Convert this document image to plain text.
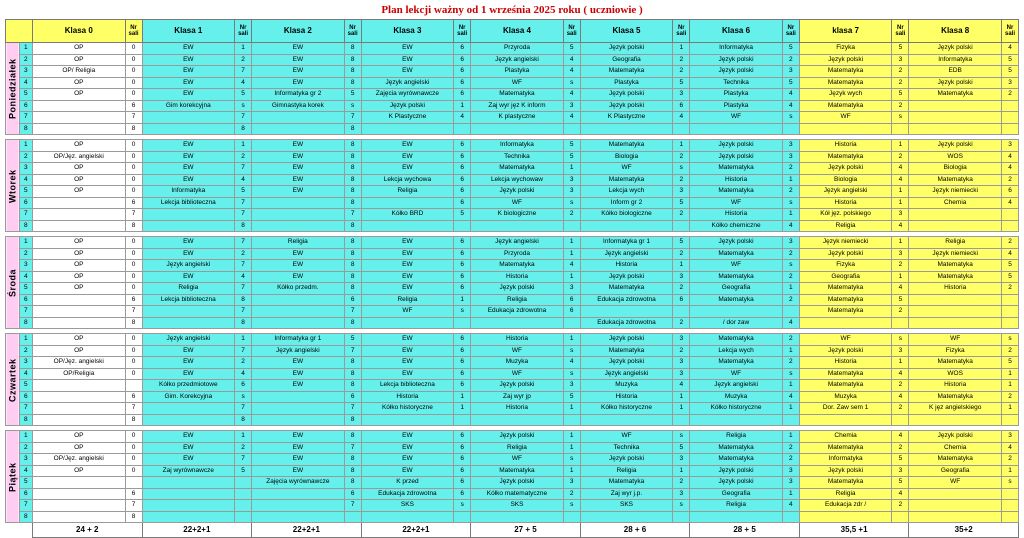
Plan lekcji ważny od 1 września 2025 roku ( uczniowie )
		Klasa 0	Nr
sali	Klasa 1	Nr
sali	Klasa 2	Nr
sali	Klasa 3	Nr
sali	Klasa 4	Nr
sali	Klasa 5	Nr
sali	Klasa 6	Nr
sali	klasa 7	Nr
sali	Klasa 8	Nr
sali
Poniedziałek	1	OP	0	EW	1	EW	8	EW	6	Przyroda	5	Język polski	1	Informatyka	5	Fizyka	5	Język polski	4
	2	OP	0	EW	2	EW	8	EW	6	Język angielski	4	Geografia	2	Język polski	2	Język polski	3	Informatyka	5
	3	OP/ Religia	0	EW	7	EW	8	EW	6	Plastyka	4	Matematyka	2	Język polski	3	Matematyka	2	EDB	5
	4	OP	0	EW	4	EW	8	Język angielski	6	WF	s	Plastyka	5	Technika	5	Matematyka	2	Język polski	3
	5	OP	0	EW	5	Informatyka gr 2	5	Zajęcia wyrównawcze	6	Matematyka	4	Język polski	3	Plastyka	4	Język wych	5	Matematyka	2
	6		6	Gim korekcyjna	s	Gimnastyka korek	s	Język polski	1	Zaj wyr jęz K inform	3	Język polski	6	Plastyka	4	Matematyka	2		
	7		7		7		7	K Plastyczne	4	K plastyczne	4	K Plastyczne	4	WF	s	WF	s		
	8		8		8		8												

Wtorek	1	OP	0	EW	1	EW	8	EW	6	Informatyka	5	Matematyka	1	Język polski	3	Historia	1	Język polski	3
	2	OP/Jęz. angielski	0	EW	2	EW	8	EW	6	Technika	5	Biologia	2	Język polski	3	Matematyka	2	WOS	4
	3	OP	0	EW	7	EW	8	EW	6	Matematyka	1	WF	s	Matematyka	2	Język polski	4	Biologia	4
	4	OP	0	EW	4	EW	8	Lekcja wychowa	6	Lekcja wychowaw	3	Matematyka	2	Historia	1	Biologia	4	Matematyka	2
	5	OP	0	Informatyka	5	EW	8	Religia	6	Język polski	3	Lekcja wych	3	Matematyka	2	Język angielski	1	Język niemiecki	6
	6		6	Lekcja biblioteczna	7		8		6	WF	s	Inform gr 2	5	WF	s	Historia	1	Chemia	4
	7		7		7		7	Kółko BRD	5	K biologiczne	2	Kółko biologiczne	2	Historia	1	Kół jęz. polskiego	3		
	8		8		8		8							Kółko chemiczne	4	Religia	4		

Środa	1	OP	0	EW	7	Religia	8	EW	6	Język angielski	1	Informatyka gr 1	5	Język polski	3	Język niemiecki	1	Religia	2
	2	OP	0	EW	2	EW	8	EW	6	Przyroda	1	Język angielski	2	Matematyka	2	Język polski	3	Język niemiecki	4
	3	OP	0	Język angielski	7	EW	8	EW	6	Matematyka	4	Historia	1	WF	s	Fizyka	2	Matematyka	5
	4	OP	0	EW	4	EW	8	EW	6	Historia	1	Język polski	3	Matematyka	2	Geografia	1	Matematyka	5
	5	OP	0	Religia	7	Kółko przedm.	8	EW	6	Język polski	3	Matematyka	2	Geografia	1	Matematyka	4	Historia	2
	6		6	Lekcja biblioteczna	8		6	Religia	1	Religia	6	Edukacja zdrowotna	6	Matematyka	2	Matematyka	5		
	7		7		7		7	WF	s	Edukacja zdrowotna	6					Matematyka	2		
	8		8		8		8					Edukacja zdrowotna	2	/ dor zaw	4				

Czwartek	1	OP	0	Język angielski	1	Informatyka gr 1	5	EW	6	Historia	1	Język polski	3	Matematyka	2	WF	s	WF	s
	2	OP	0	EW	7	Język angielski	7	EW	6	WF	s	Matematyka	2	Lekcja wych	1	Język polski	3	Fizyka	2
	3	OP/Jęz. angielski	0	EW	2	EW	8	EW	6	Muzyka	4	Język polski	3	Matematyka	2	Historia	1	Matematyka	5
	4	OP/Religia	0	EW	4	EW	8	EW	6	WF	s	Język angielski	3	WF	s	Matematyka	4	WOS	1
	5			Kółko przedmiotowe	6	EW	8	Lekcja biblioteczna	6	Język polski	3	Muzyka	4	Język angielski	1	Matematyka	2	Historia	1
	6		6	Gim. Korekcyjna	s		6	Historia	1	Zaj wyr jp	5	Historia	1	Muzyka	4	Muzyka	4	Matematyka	2
	7		7		7		7	Kółko historyczne	1	Historia	1	Kółko historyczne	1	Kółko historyczne	1	Dor. Zaw sem 1	2	K jęz angielskiego	1
	8		8		8		8												

Piątek	1	OP	0	EW	1	EW	8	EW	6	Język polski	1	WF	s	Religia	1	Chemia	4	Język polski	3
	2	OP	0	EW	2	EW	7	EW	6	Religia	1	Technika	5	Matematyka	2	Matematyka	2	Chemia	4
	3	OP/Jęz. angielski	0	EW	7	EW	8	EW	6	WF	s	Język polski	3	Matematyka	2	Informatyka	5	Matematyka	2
	4	OP	0	Zaj wyrównawcze	5	EW	8	EW	6	Matematyka	1	Religia	1	Język polski	3	Język polski	3	Geografia	1
	5					Zajęcia wyrównawcze	8	K przed	6	Język polski	3	Matematyka	2	Język polski	3	Matematyka	5	WF	s
	6		6				6	Edukacja zdrowotna	6	Kółko matematyczne	2	Zaj wyr j.p.	3	Geografia	1	Religia	4		
	7		7				7	SKS	s	SKS	s	SKS	s	Religia	4	Edukacja zdr /	2		
	8		8																
		24 + 2		22+2+1		22+2+1		22+2+1		27 + 5		28 + 6		28 + 5		35,5 +1		35+2	
